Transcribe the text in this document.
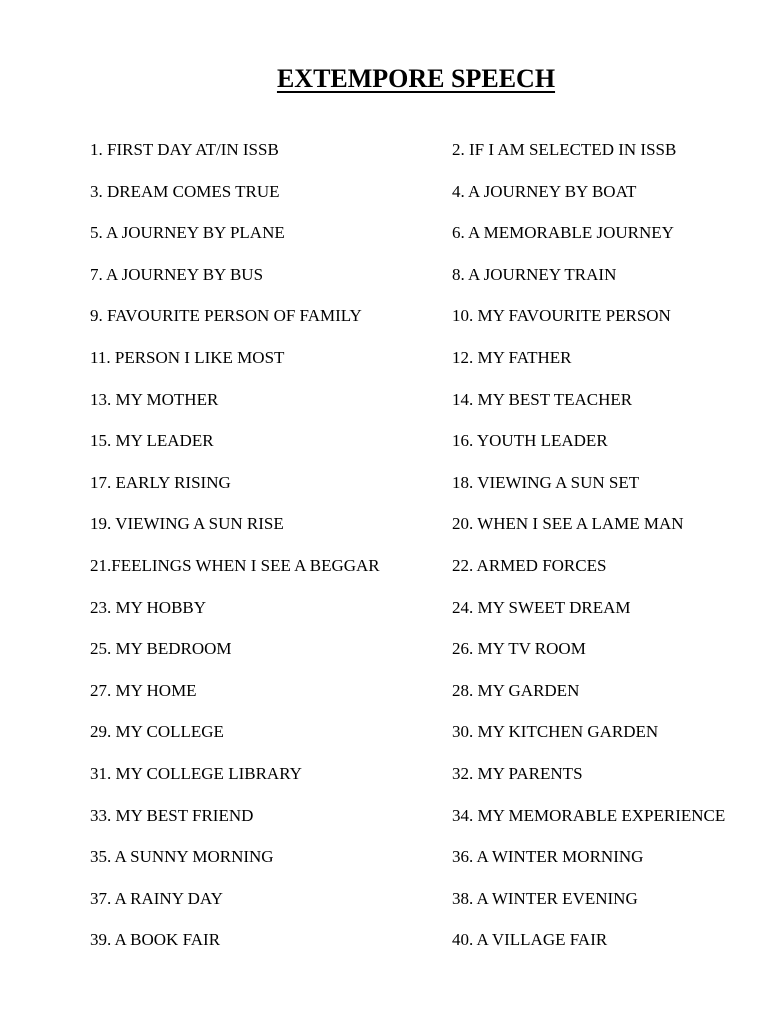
EXTEMPORE SPEECH
1. FIRST DAY AT/IN ISSB	2. IF I AM SELECTED IN ISSB
3. DREAM COMES TRUE	4. A JOURNEY BY BOAT
5. A JOURNEY BY PLANE	6. A MEMORABLE JOURNEY
7. A JOURNEY BY BUS	8. A JOURNEY TRAIN
9. FAVOURITE PERSON OF FAMILY	10. MY FAVOURITE PERSON
11. PERSON I LIKE MOST	12. MY FATHER
13. MY MOTHER	14. MY BEST TEACHER
15. MY LEADER	16. YOUTH LEADER
17. EARLY RISING	18. VIEWING A SUN SET
19. VIEWING A SUN RISE	20. WHEN I SEE A LAME MAN
21.FEELINGS WHEN I SEE A BEGGAR	22. ARMED FORCES
23. MY HOBBY	24. MY SWEET DREAM
25. MY BEDROOM	26. MY TV ROOM
27. MY HOME	28. MY GARDEN
29. MY COLLEGE	30. MY KITCHEN GARDEN
31. MY COLLEGE LIBRARY	32. MY PARENTS
33. MY BEST FRIEND	34. MY MEMORABLE EXPERIENCE
35. A SUNNY MORNING	36. A WINTER MORNING
37. A RAINY DAY	38. A WINTER EVENING
39. A BOOK FAIR	40. A VILLAGE FAIR
